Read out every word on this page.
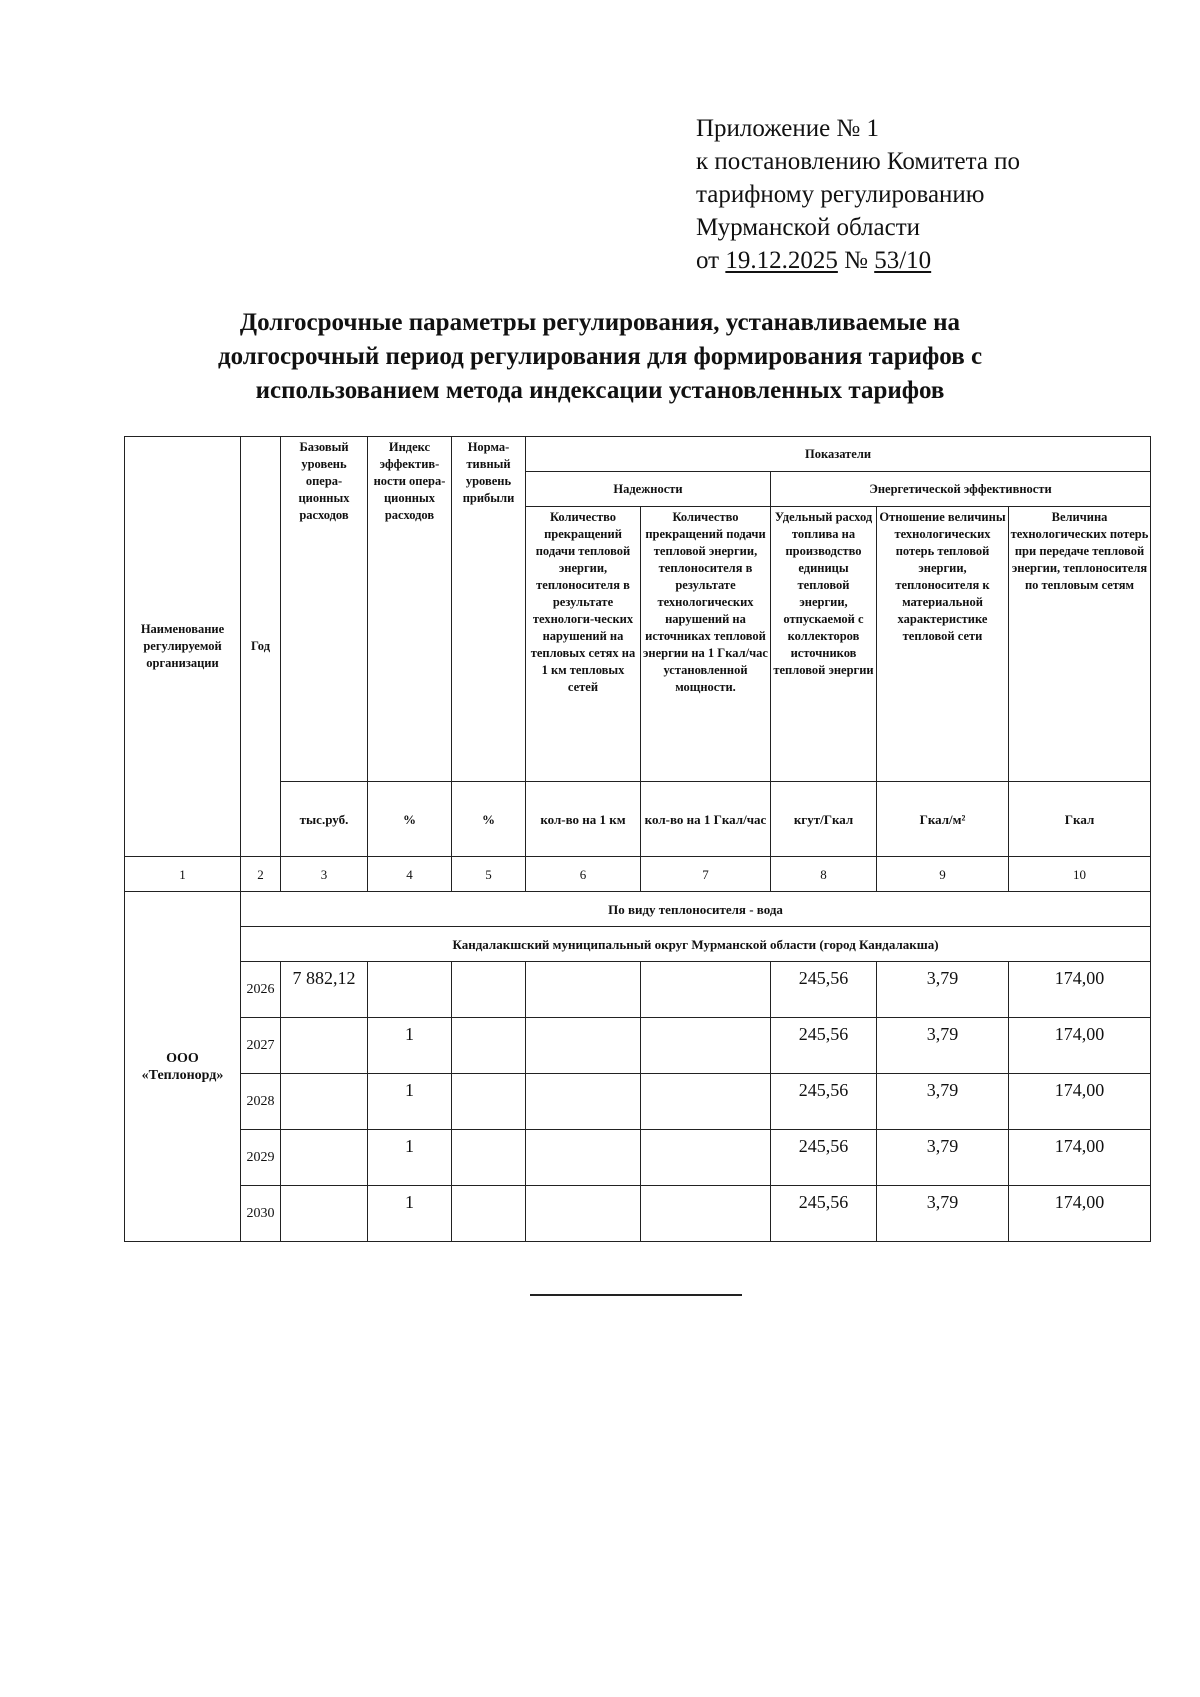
Приложение № 1
к постановлению Комитета по
тарифному регулированию
Мурманской области
от 19.12.2025 № 53/10
Долгосрочные параметры регулирования, устанавливаемые на
долгосрочный период регулирования для формирования тарифов с
использованием метода индексации установленных тарифов
Наименование регулируемой организации	Год	Базовый уровень опера-ционных расходов	Индекс эффектив-ности опера-ционных расходов	Норма-тивный уровень прибыли	Показатели				
					Надежности		Энергетической эффективности		
					Количество прекращений подачи тепловой энергии, теплоносителя в результате технологи-ческих нарушений на тепловых сетях на 1 км тепловых сетей	Количество прекращений подачи тепловой энергии, теплоносителя в результате технологических нарушений на источниках тепловой энергии на 1 Гкал/час установленной мощности.	Удельный расход топлива на производство единицы тепловой энергии, отпускаемой с коллекторов источников тепловой энергии	Отношение величины технологических потерь тепловой энергии, теплоносителя к материальной характеристике тепловой сети	Величина технологических потерь при передаче тепловой энергии, теплоносителя по тепловым сетям
		тыс.руб.	%	%	кол-во на 1 км	кол-во на 1 Гкал/час	кгут/Гкал	Гкал/м²	Гкал
1	2	3	4	5	6	7	8	9	10

ООО
«Теплонорд»	По виду теплоносителя - вода								
	Кандалакшский муниципальный округ Мурманской области (город Кандалакша)								
	2026	7 882,12					245,56	3,79	174,00
	2027		1				245,56	3,79	174,00
	2028		1				245,56	3,79	174,00
	2029		1				245,56	3,79	174,00
	2030		1				245,56	3,79	174,00
